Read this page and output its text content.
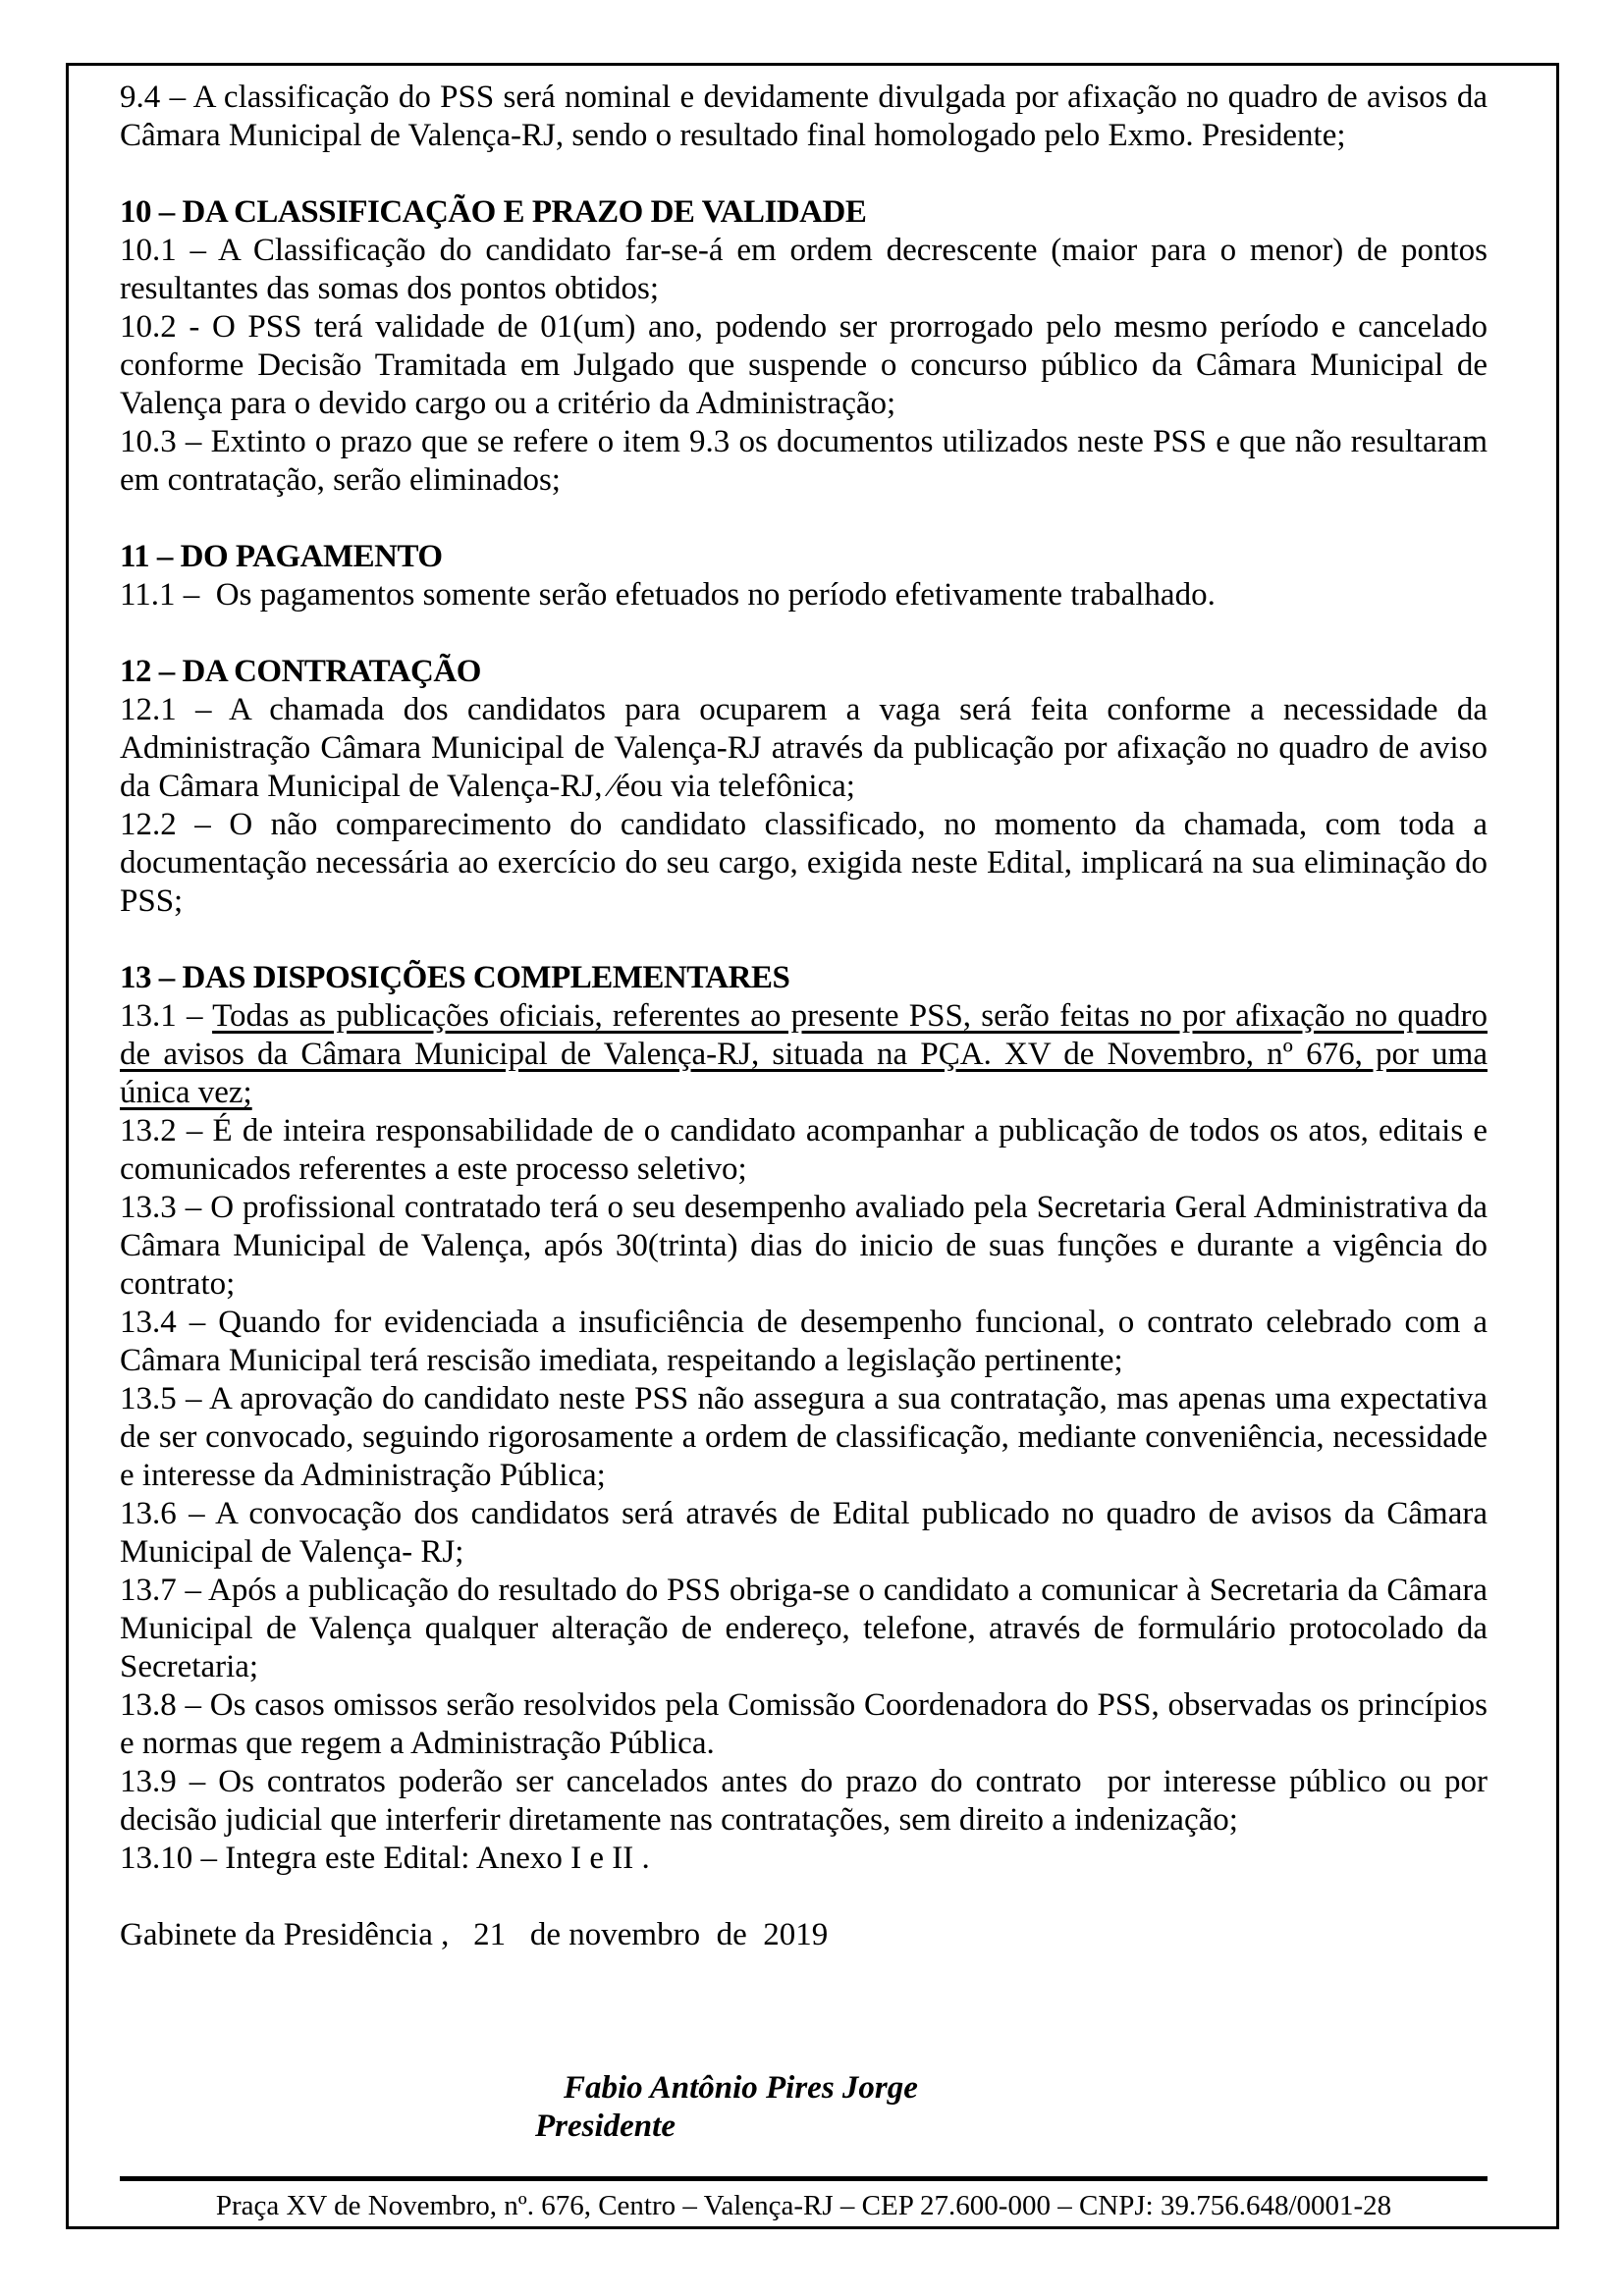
9.4 – A classificação do PSS será nominal e devidamente divulgada por afixação no quadro de avisos da Câmara Municipal de Valença-RJ, sendo o resultado final homologado pelo Exmo. Presidente;

10 – DA CLASSIFICAÇÃO E PRAZO DE VALIDADE

10.1 – A Classificação do candidato far-se-á em ordem decrescente (maior para o menor) de pontos resultantes das somas dos pontos obtidos;

10.2 - O PSS terá validade de 01(um) ano, podendo ser prorrogado pelo mesmo período e cancelado conforme Decisão Tramitada em Julgado que suspende o concurso público da Câmara Municipal de Valença para o devido cargo ou a critério da Administração;

10.3 – Extinto o prazo que se refere o item 9.3 os documentos utilizados neste PSS e que não resultaram em contratação, serão eliminados;

11 – DO PAGAMENTO

11.1 –  Os pagamentos somente serão efetuados no período efetivamente trabalhado.

12 – DA CONTRATAÇÃO

12.1 – A chamada dos candidatos para ocuparem a vaga será feita conforme a necessidade da Administração Câmara Municipal de Valença-RJ através da publicação por afixação no quadro de aviso da Câmara Municipal de Valença-RJ, ⁄éou via telefônica;

12.2 – O não comparecimento do candidato classificado, no momento da chamada, com toda a documentação necessária ao exercício do seu cargo, exigida neste Edital, implicará na sua eliminação do PSS;

13 – DAS DISPOSIÇÕES COMPLEMENTARES

13.1 – Todas as publicações oficiais, referentes ao presente PSS, serão feitas no por afixação no quadro de avisos da Câmara Municipal de Valença-RJ, situada na PÇA. XV de Novembro, nº 676, por uma única vez;

13.2 – É de inteira responsabilidade de o candidato acompanhar a publicação de todos os atos, editais e comunicados referentes a este processo seletivo;

13.3 – O profissional contratado terá o seu desempenho avaliado pela Secretaria Geral Administrativa da Câmara Municipal de Valença, após 30(trinta) dias do inicio de suas funções e durante a vigência do contrato;

13.4 – Quando for evidenciada a insuficiência de desempenho funcional, o contrato celebrado com a Câmara Municipal terá rescisão imediata, respeitando a legislação pertinente;

13.5 – A aprovação do candidato neste PSS não assegura a sua contratação, mas apenas uma expectativa de ser convocado, seguindo rigorosamente a ordem de classificação, mediante conveniência, necessidade e interesse da Administração Pública;

13.6 – A convocação dos candidatos será através de Edital publicado no quadro de avisos da Câmara Municipal de Valença- RJ;

13.7 – Após a publicação do resultado do PSS obriga-se o candidato a comunicar à Secretaria da Câmara Municipal de Valença qualquer alteração de endereço, telefone, através de formulário protocolado da Secretaria;

13.8 – Os casos omissos serão resolvidos pela Comissão Coordenadora do PSS, observadas os princípios e normas que regem a Administração Pública.

13.9 – Os contratos poderão ser cancelados antes do prazo do contrato  por interesse público ou por decisão judicial que interferir diretamente nas contratações, sem direito a indenização;

13.10 – Integra este Edital: Anexo I e II .

Gabinete da Presidência ,   21   de novembro  de  2019

Fabio Antônio Pires Jorge

Presidente

Praça XV de Novembro, nº. 676, Centro – Valença-RJ – CEP 27.600-000 – CNPJ: 39.756.648/0001-28
